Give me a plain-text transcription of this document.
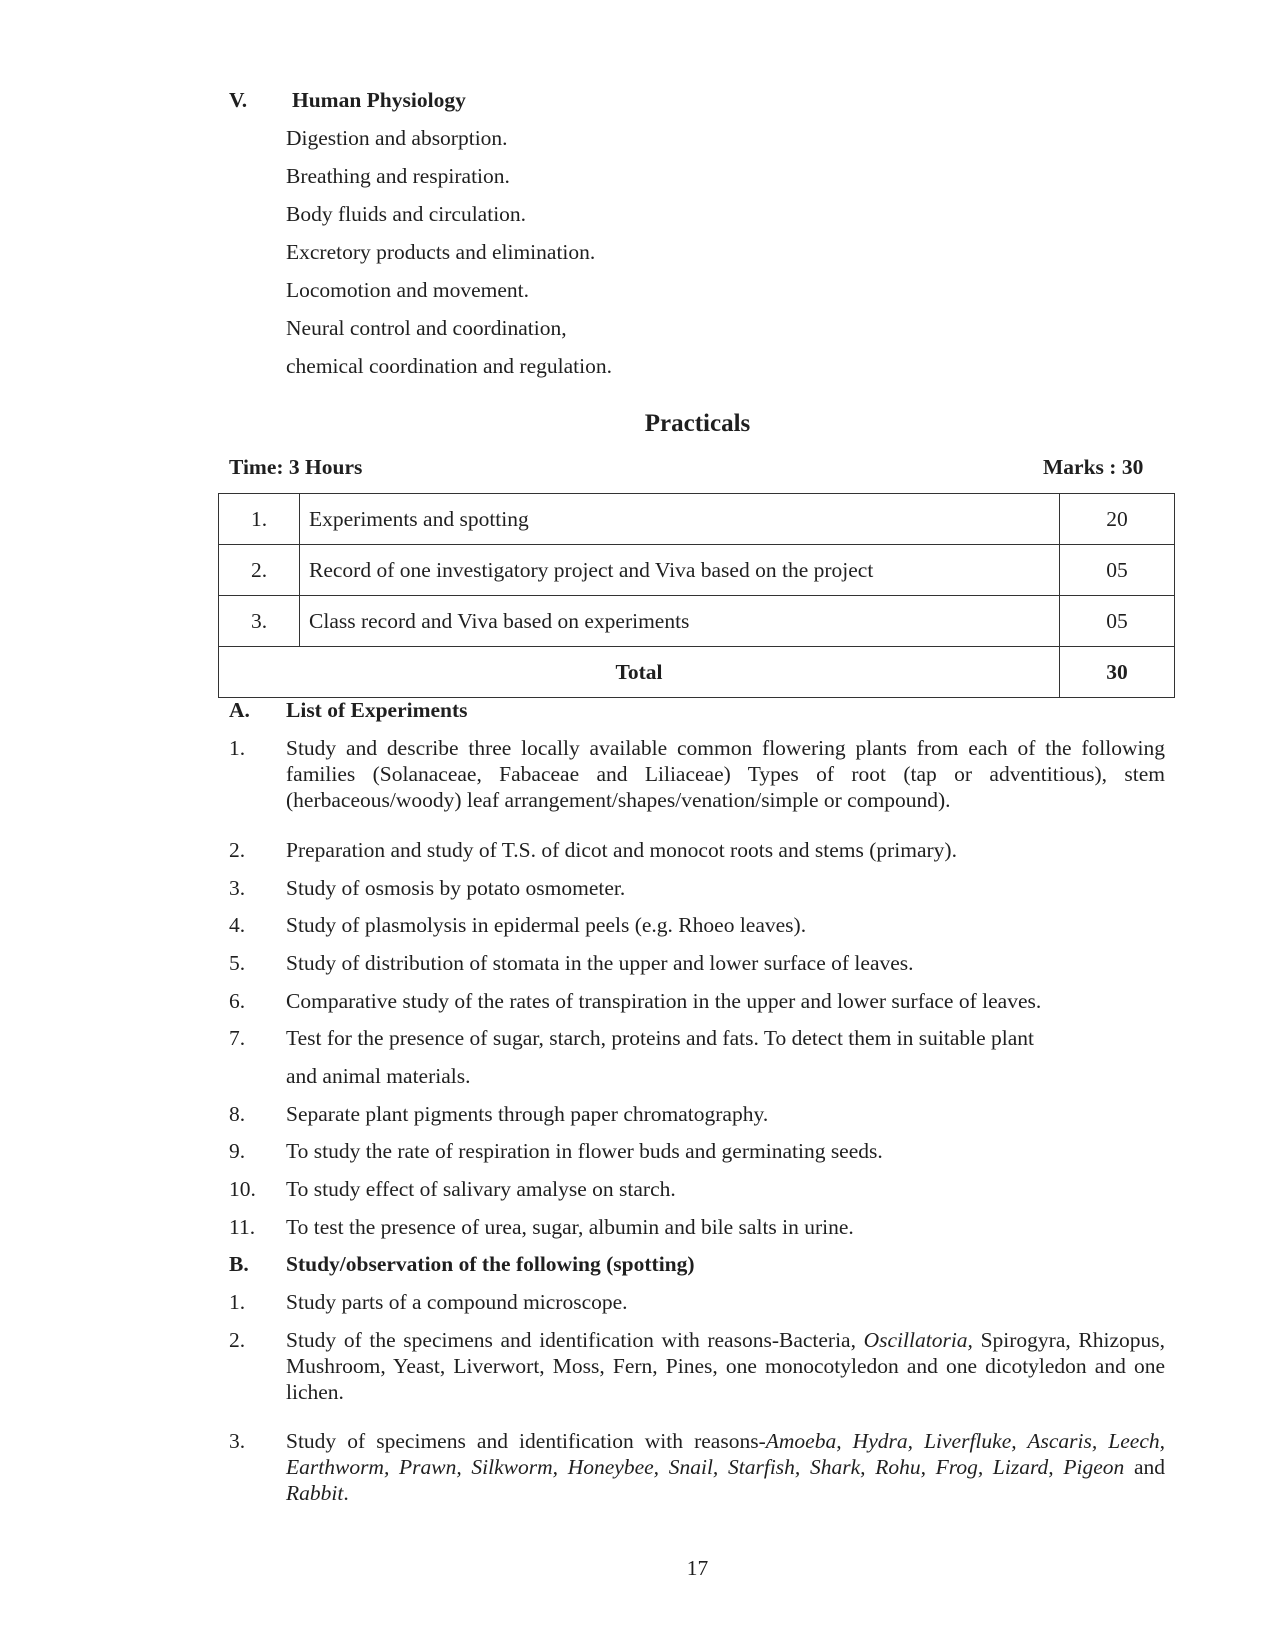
V.	Human Physiology
Digestion and absorption.
Breathing and respiration.
Body fluids and circulation.
Excretory products and elimination.
Locomotion and movement.
Neural control and coordination,
chemical coordination and regulation.
Practicals
Time: 3 Hours	Marks : 30
1.	Experiments and spotting	20
2.	Record of one investigatory project and Viva based on the project	05
3.	Class record and Viva based on experiments	05
Total		30
A.	List of Experiments
1.	Study and describe three locally available common flowering plants from each of the following families (Solanaceae, Fabaceae and Liliaceae) Types of root (tap or adventitious), stem (herbaceous/woody) leaf arrangement/shapes/venation/simple or compound).
2.	Preparation and study of T.S. of dicot and monocot roots and stems (primary).
3.	Study of osmosis by potato osmometer.
4.	Study of plasmolysis in epidermal peels (e.g. Rhoeo leaves).
5.	Study of distribution of stomata in the upper and lower surface of leaves.
6.	Comparative study of the rates of transpiration in the upper and lower surface of leaves.
7.	Test for the presence of sugar, starch, proteins and fats. To detect them in suitable plant
and animal materials.
8.	Separate plant pigments through paper chromatography.
9.	To study the rate of respiration in flower buds and germinating seeds.
10.	To study effect of salivary amalyse on starch.
11.	To test the presence of urea, sugar, albumin and bile salts in urine.
B.	Study/observation of the following (spotting)
1.	Study parts of a compound microscope.
2.	Study of the specimens and identification with reasons-Bacteria, Oscillatoria, Spirogyra, Rhizopus, Mushroom, Yeast, Liverwort, Moss, Fern, Pines, one monocotyledon and one dicotyledon and one lichen.
3.	Study of specimens and identification with reasons-Amoeba, Hydra, Liverfluke, Ascaris, Leech, Earthworm, Prawn, Silkworm, Honeybee, Snail, Starfish, Shark, Rohu, Frog, Lizard, Pigeon and Rabbit.
17
